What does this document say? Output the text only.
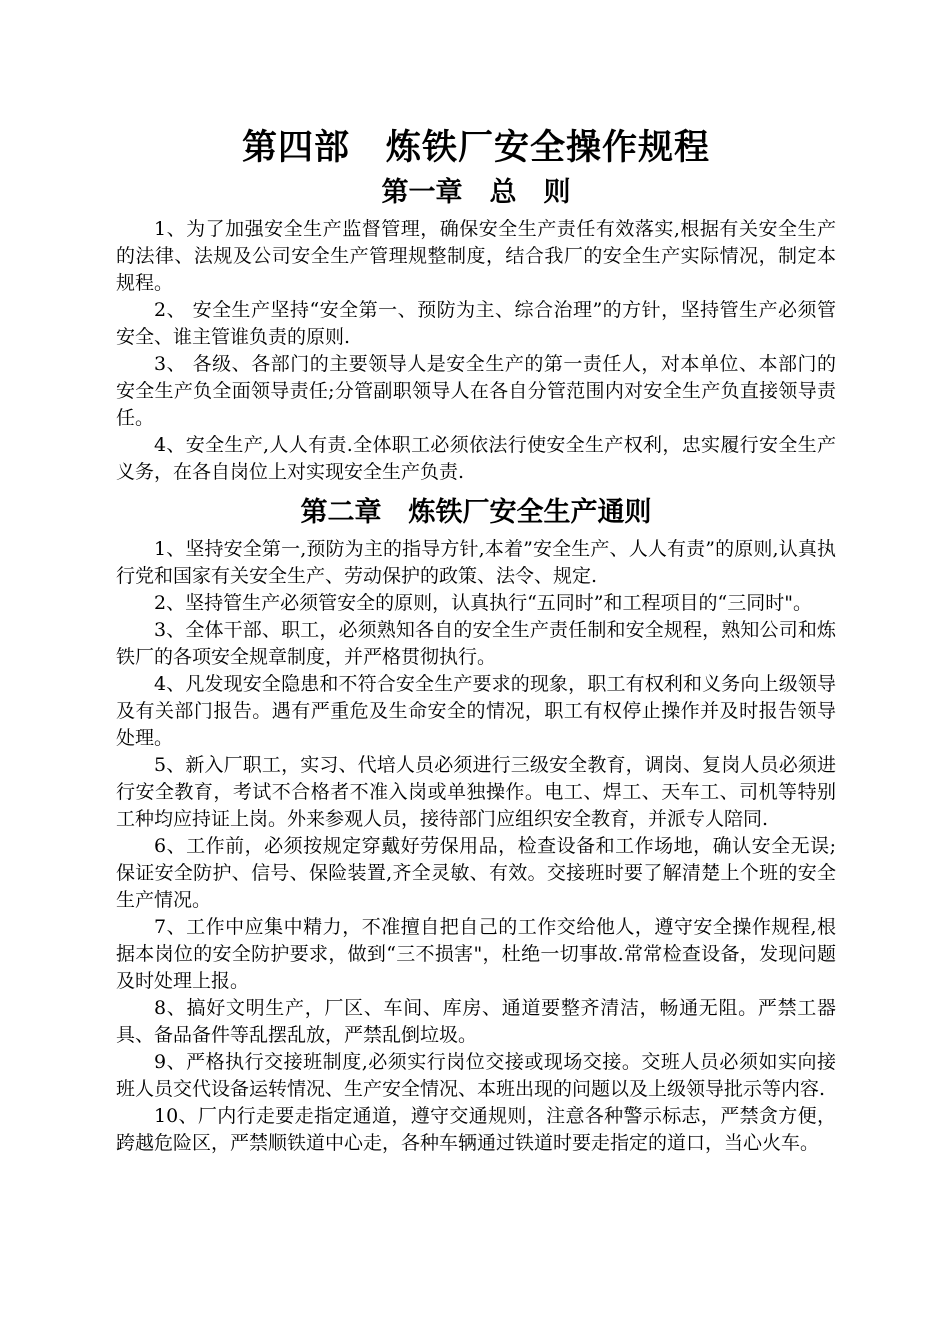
第四部　炼铁厂安全操作规程
第一章　总　则

1、为了加强安全生产监督管理，确保安全生产责任有效落实,根据有关安全生产的法律、法规及公司安全生产管理规整制度，结合我厂的安全生产实际情况，制定本规程。

2、 安全生产坚持“安全第一、预防为主、综合治理”的方针，坚持管生产必须管安全、谁主管谁负责的原则.

3、 各级、各部门的主要领导人是安全生产的第一责任人，对本单位、本部门的安全生产负全面领导责任;分管副职领导人在各自分管范围内对安全生产负直接领导责任。

4、安全生产,人人有责.全体职工必须依法行使安全生产权利，忠实履行安全生产义务，在各自岗位上对实现安全生产负责.

第二章　炼铁厂安全生产通则

1、坚持安全第一,预防为主的指导方针,本着”安全生产、人人有责”的原则,认真执行党和国家有关安全生产、劳动保护的政策、法令、规定.

2、坚持管生产必须管安全的原则，认真执行“五同时”和工程项目的“三同时"。

3、全体干部、职工，必须熟知各自的安全生产责任制和安全规程，熟知公司和炼铁厂的各项安全规章制度，并严格贯彻执行。

4、凡发现安全隐患和不符合安全生产要求的现象，职工有权利和义务向上级领导及有关部门报告。遇有严重危及生命安全的情况，职工有权停止操作并及时报告领导处理。

5、新入厂职工，实习、代培人员必须进行三级安全教育，调岗、复岗人员必须进行安全教育，考试不合格者不准入岗或单独操作。电工、焊工、天车工、司机等特别工种均应持证上岗。外来参观人员，接待部门应组织安全教育，并派专人陪同.

6、工作前，必须按规定穿戴好劳保用品，检查设备和工作场地，确认安全无误;保证安全防护、信号、保险装置,齐全灵敏、有效。交接班时要了解清楚上个班的安全生产情况。

7、工作中应集中精力，不准擅自把自己的工作交给他人，遵守安全操作规程,根据本岗位的安全防护要求，做到“三不损害"，杜绝一切事故.常常检查设备，发现问题及时处理上报。

8、搞好文明生产，厂区、车间、库房、通道要整齐清洁，畅通无阻。严禁工器具、备品备件等乱摆乱放，严禁乱倒垃圾。

9、严格执行交接班制度,必须实行岗位交接或现场交接。交班人员必须如实向接班人员交代设备运转情况、生产安全情况、本班出现的问题以及上级领导批示等内容.

10、厂内行走要走指定通道，遵守交通规则，注意各种警示标志，严禁贪方便，跨越危险区，严禁顺铁道中心走，各种车辆通过铁道时要走指定的道口，当心火车。
